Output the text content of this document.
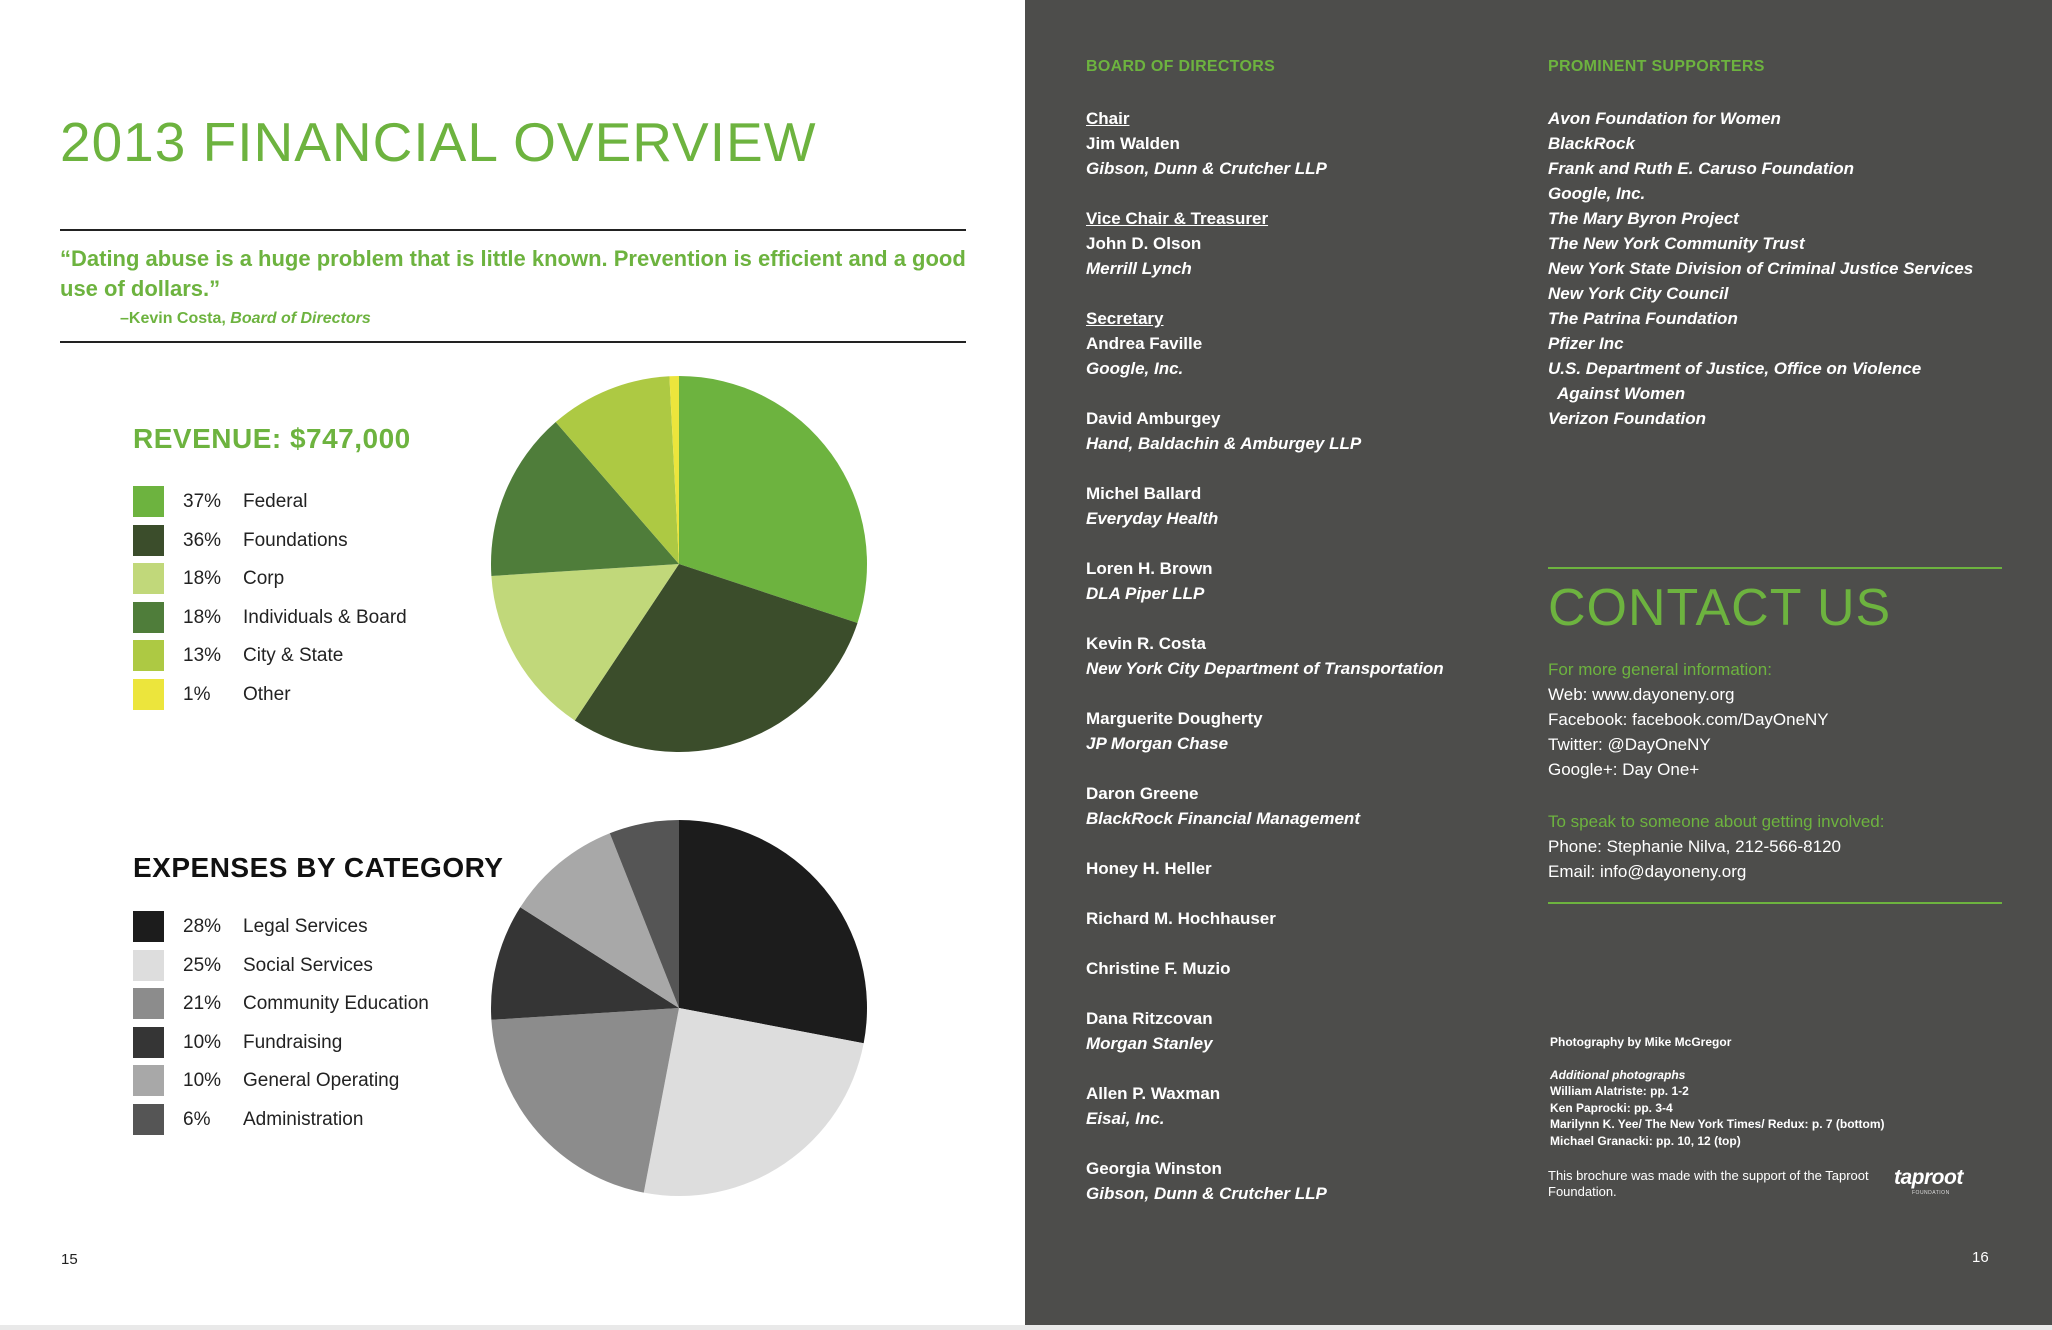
2013 FINANCIAL OVERVIEW
“Dating abuse is a huge problem that is little known. Prevention is efficient and a good use of dollars.”
–Kevin Costa, Board of Directors
REVENUE: $747,000
37% Federal
36% Foundations
18% Corp
18% Individuals & Board
13% City & State
1% Other
EXPENSES BY CATEGORY
28% Legal Services
25% Social Services
21% Community Education
10% Fundraising
10% General Operating
6% Administration
15
BOARD OF DIRECTORS	PROMINENT SUPPORTERS
Chair
Jim Walden
Gibson, Dunn & Crutcher LLP
Vice Chair & Treasurer
John D. Olson
Merrill Lynch
Secretary
Andrea Faville
Google, Inc.
David Amburgey
Hand, Baldachin & Amburgey LLP
Michel Ballard
Everyday Health
Loren H. Brown
DLA Piper LLP
Kevin R. Costa
New York City Department of Transportation
Marguerite Dougherty
JP Morgan Chase
Daron Greene
BlackRock Financial Management
Honey H. Heller
Richard M. Hochhauser
Christine F. Muzio
Dana Ritzcovan
Morgan Stanley
Allen P. Waxman
Eisai, Inc.
Georgia Winston
Gibson, Dunn & Crutcher LLP
Avon Foundation for Women
BlackRock
Frank and Ruth E. Caruso Foundation
Google, Inc.
The Mary Byron Project
The New York Community Trust
New York State Division of Criminal Justice Services
New York City Council
The Patrina Foundation
Pfizer Inc
U.S. Department of Justice, Office on Violence
Against Women
Verizon Foundation
CONTACT US
For more general information:
Web: www.dayoneny.org
Facebook: facebook.com/DayOneNY
Twitter: @DayOneNY
Google+: Day One+
To speak to someone about getting involved:
Phone: Stephanie Nilva, 212-566-8120
Email: info@dayoneny.org
Photography by Mike McGregor
Additional photographs
William Alatriste: pp. 1-2
Ken Paprocki: pp. 3-4
Marilynn K. Yee/ The New York Times/ Redux: p. 7 (bottom)
Michael Granacki: pp. 10, 12 (top)
This brochure was made with the support of the Taproot Foundation.
taproot
FOUNDATION
16
